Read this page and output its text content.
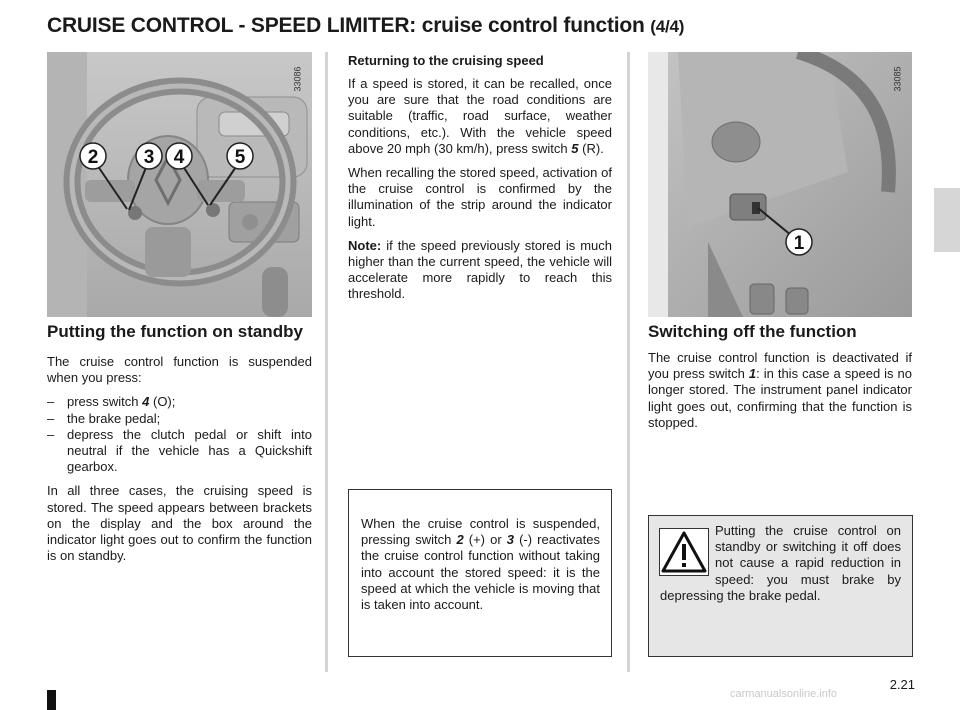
CRUISE CONTROL - SPEED LIMITER: cruise control function (4/4)
2 3 4	5
33086
1
33085
Putting the function on standby

The cruise control function is suspended when you press:

– press switch 4 (O);
– the brake pedal;
– depress the clutch pedal or shift into neutral if the vehicle has a Quickshift gearbox.

In all three cases, the cruising speed is stored. The speed appears between brackets on the display and the box around the indicator light goes out to confirm the function is on standby.

Returning to the cruising speed

If a speed is stored, it can be recalled, once you are sure that the road conditions are suitable (traffic, road surface, weather conditions, etc.). With the vehicle speed above 20 mph (30 km/h), press switch 5 (R).

When recalling the stored speed, activation of the cruise control is confirmed by the illumination of the strip around the indicator light.

Note: if the speed previously stored is much higher than the current speed, the vehicle will accelerate more rapidly to reach this threshold.

When the cruise control is suspended, pressing switch 2 (+) or 3 (-) reactivates the cruise control function without taking into account the stored speed: it is the speed at which the vehicle is moving that is taken into account.

Switching off the function

The cruise control function is deactivated if you press switch 1: in this case a speed is no longer stored. The instrument panel indicator light goes out, confirming that the function is stopped.

Putting the cruise control on standby or switching it off does not cause a rapid reduction in speed: you must brake by depressing the brake pedal.

2.21
carmanualsonline.info
